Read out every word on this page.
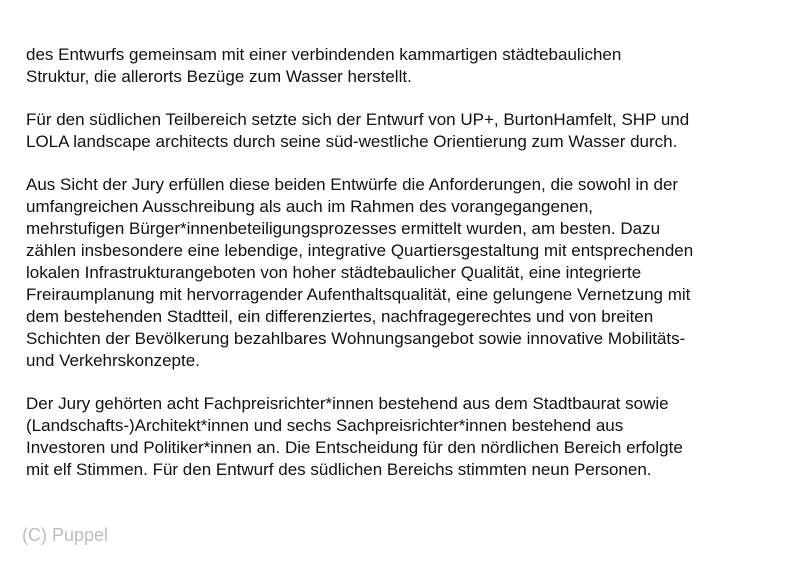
des Entwurfs gemeinsam mit einer verbindenden kammartigen städtebaulichen
Struktur, die allerorts Bezüge zum Wasser herstellt.

Für den südlichen Teilbereich setzte sich der Entwurf von UP+, BurtonHamfelt, SHP und
LOLA landscape architects durch seine süd-westliche Orientierung zum Wasser durch.

Aus Sicht der Jury erfüllen diese beiden Entwürfe die Anforderungen, die sowohl in der
umfangreichen Ausschreibung als auch im Rahmen des vorangegangenen,
mehrstufigen Bürger*innenbeteiligungsprozesses ermittelt wurden, am besten. Dazu
zählen insbesondere eine lebendige, integrative Quartiersgestaltung mit entsprechenden
lokalen Infrastrukturangeboten von hoher städtebaulicher Qualität, eine integrierte
Freiraumplanung mit hervorragender Aufenthaltsqualität, eine gelungene Vernetzung mit
dem bestehenden Stadtteil, ein differenziertes, nachfragegerechtes und von breiten
Schichten der Bevölkerung bezahlbares Wohnungsangebot sowie innovative Mobilitäts-
und Verkehrskonzepte.

Der Jury gehörten acht Fachpreisrichter*innen bestehend aus dem Stadtbaurat sowie
(Landschafts-)Architekt*innen und sechs Sachpreisrichter*innen bestehend aus
Investoren und Politiker*innen an. Die Entscheidung für den nördlichen Bereich erfolgte
mit elf Stimmen. Für den Entwurf des südlichen Bereichs stimmten neun Personen.

(C) Puppel
